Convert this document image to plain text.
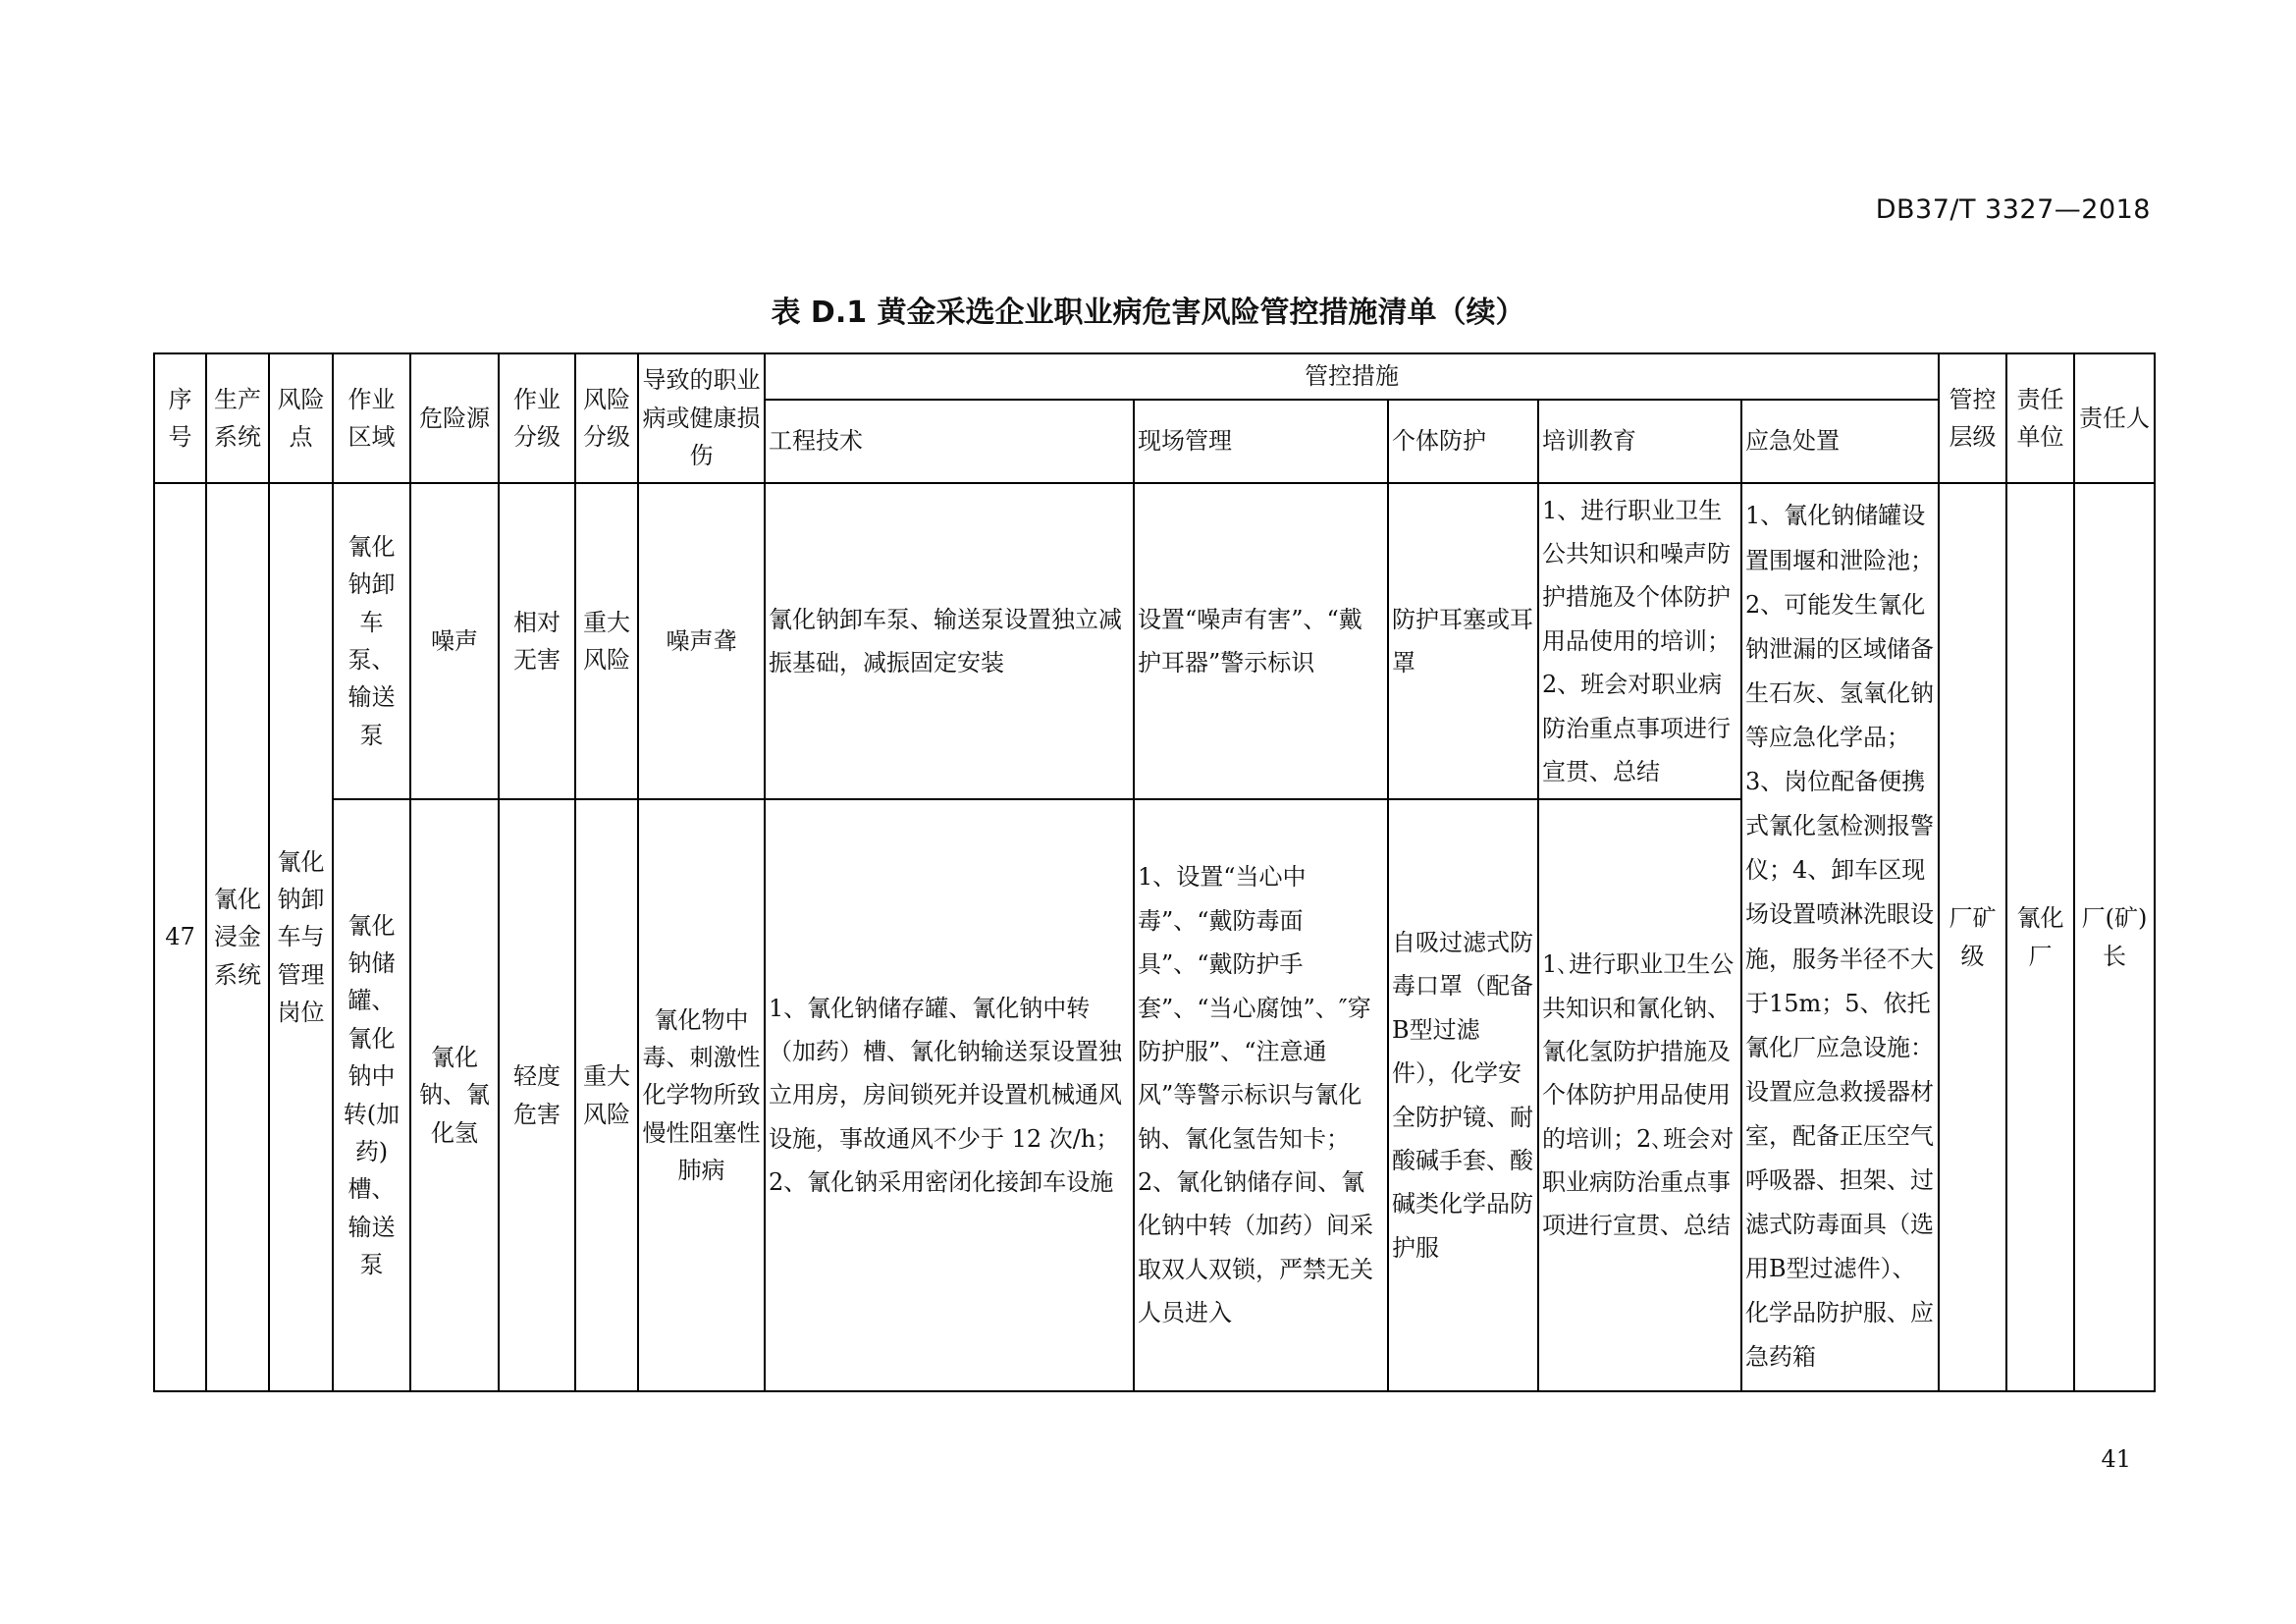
DB37/T 3327—2018
表 D.1 黄金采选企业职业病危害风险管控措施清单（续）
序号	生产系统	风险点	作业区域	危险源	作业分级	风险分级	导致的职业病或健康损伤	管控措施					管控层级	责任单位	责任人
								工程技术	现场管理	个体防护	培训教育	应急处置			
47	氰化浸金系统	氰化钠卸车与管理岗位	氰化钠卸车泵、输送泵	噪声	相对无害	重大风险	噪声聋	氰化钠卸车泵、输送泵设置独立减振基础，减振固定安装	设置“噪声有害”、“戴护耳器”警示标识	防护耳塞或耳罩	1、进行职业卫生公共知识和噪声防护措施及个体防护用品使用的培训；2、班会对职业病防治重点事项进行宣贯、总结	1、氰化钠储罐设置围堰和泄险池；2、可能发生氰化钠泄漏的区域储备生石灰、氢氧化钠等应急化学品；3、岗位配备便携式氰化氢检测报警仪；4、卸车区现场设置喷淋洗眼设施，服务半径不大于15m；5、依托氰化厂应急设施：设置应急救援器材室，配备正压空气呼吸器、担架、过滤式防毒面具（选用B型过滤件）、化学品防护服、应急药箱	厂矿级	氰化厂	厂(矿)长
			氰化钠储罐、氰化钠中转(加药)槽、输送泵	氰化钠、氰化氢	轻度危害	重大风险	氰化物中毒、刺激性化学物所致慢性阻塞性肺病	1、氰化钠储存罐、氰化钠中转（加药）槽、氰化钠输送泵设置独立用房，房间锁死并设置机械通风设施，事故通风不少于 12 次/h；2、氰化钠采用密闭化接卸车设施	1、设置“当心中毒”、“戴防毒面具”、“戴防护手套”、“当心腐蚀”、″穿防护服”、“注意通风”等警示标识与氰化钠、氰化氢告知卡；2、氰化钠储存间、氰化钠中转（加药）间采取双人双锁，严禁无关人员进入	自吸过滤式防毒口罩（配备B型过滤件），化学安全防护镜、耐酸碱手套、酸碱类化学品防护服	1､进行职业卫生公共知识和氰化钠、氰化氢防护措施及个体防护用品使用的培训；2､班会对职业病防治重点事项进行宣贯、总结				
41
